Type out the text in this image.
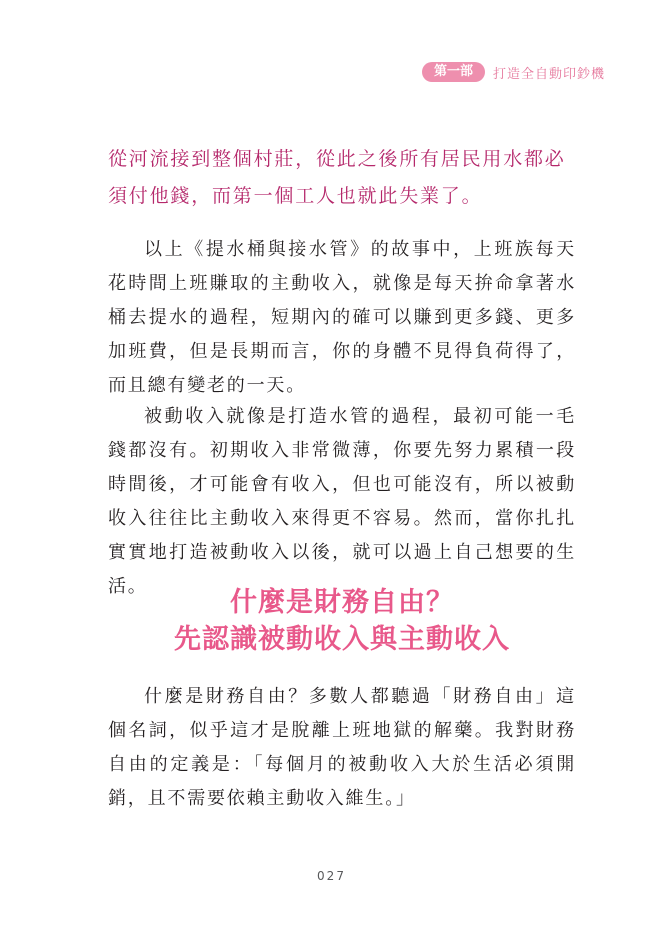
第一部	打造全自動印鈔機

從河流接到整個村莊，從此之後所有居民用水都必須付他錢，而第一個工人也就此失業了。

以上《提水桶與接水管》的故事中，上班族每天花時間上班賺取的主動收入，就像是每天拚命拿著水桶去提水的過程，短期內的確可以賺到更多錢、更多加班費，但是長期而言，你的身體不見得負荷得了，而且總有變老的一天。

被動收入就像是打造水管的過程，最初可能一毛錢都沒有。初期收入非常微薄，你要先努力累積一段時間後，才可能會有收入，但也可能沒有，所以被動收入往往比主動收入來得更不容易。然而，當你扎扎實實地打造被動收入以後，就可以過上自己想要的生活。

什麼是財務自由？
先認識被動收入與主動收入

什麼是財務自由？多數人都聽過「財務自由」這個名詞，似乎這才是脫離上班地獄的解藥。我對財務自由的定義是：「每個月的被動收入大於生活必須開銷，且不需要依賴主動收入維生。」

027
